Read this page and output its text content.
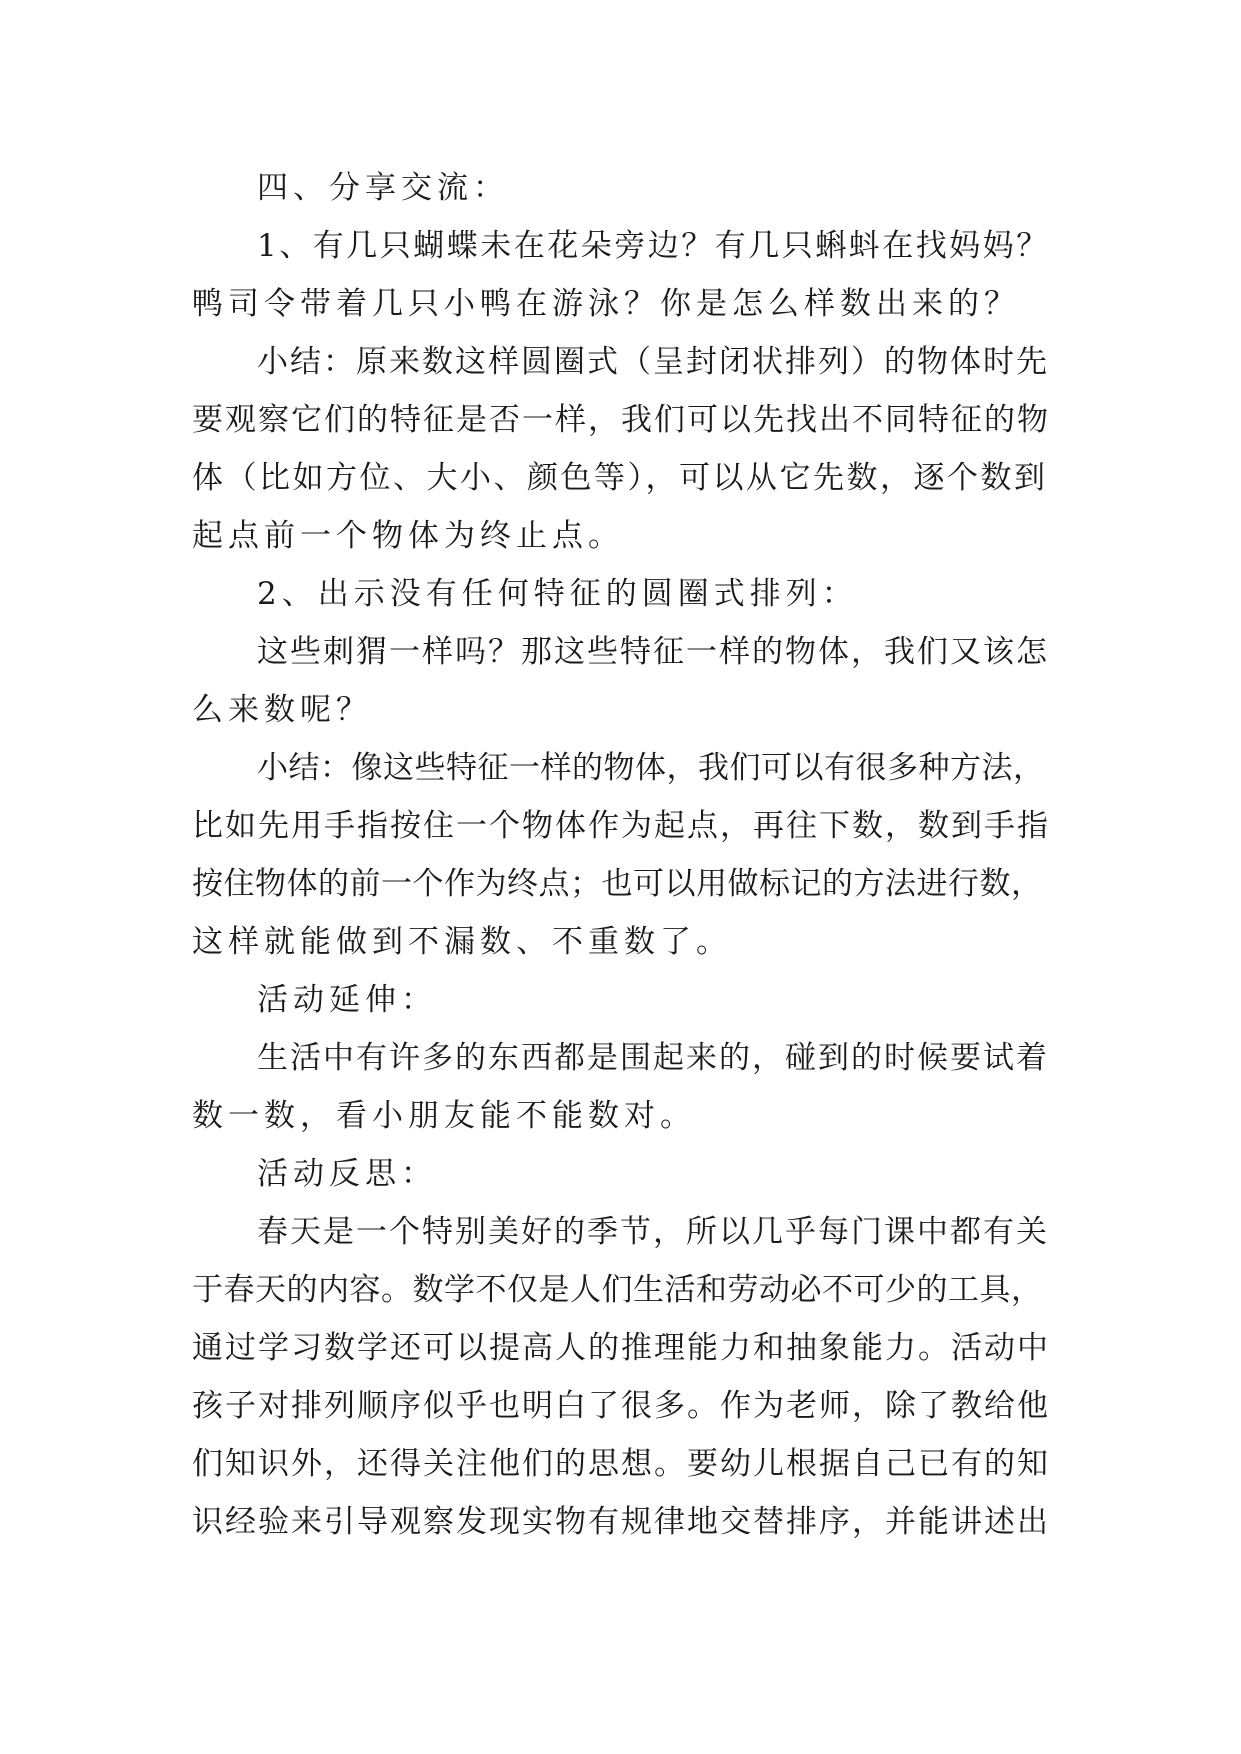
四、分享交流：
1、有几只蝴蝶未在花朵旁边？有几只蝌蚪在找妈妈？
鸭司令带着几只小鸭在游泳？你是怎么样数出来的？
小结：原来数这样圆圈式（呈封闭状排列）的物体时先
要观察它们的特征是否一样，我们可以先找出不同特征的物
体（比如方位、大小、颜色等），可以从它先数，逐个数到
起点前一个物体为终止点。
2、出示没有任何特征的圆圈式排列：
这些刺猬一样吗？那这些特征一样的物体，我们又该怎
么来数呢？
小结：像这些特征一样的物体，我们可以有很多种方法，
比如先用手指按住一个物体作为起点，再往下数，数到手指
按住物体的前一个作为终点；也可以用做标记的方法进行数，
这样就能做到不漏数、不重数了。
活动延伸：
生活中有许多的东西都是围起来的，碰到的时候要试着
数一数，看小朋友能不能数对。
活动反思：
春天是一个特别美好的季节，所以几乎每门课中都有关
于春天的内容。数学不仅是人们生活和劳动必不可少的工具，
通过学习数学还可以提高人的推理能力和抽象能力。活动中
孩子对排列顺序似乎也明白了很多。作为老师，除了教给他
们知识外，还得关注他们的思想。要幼儿根据自己已有的知
识经验来引导观察发现实物有规律地交替排序，并能讲述出
